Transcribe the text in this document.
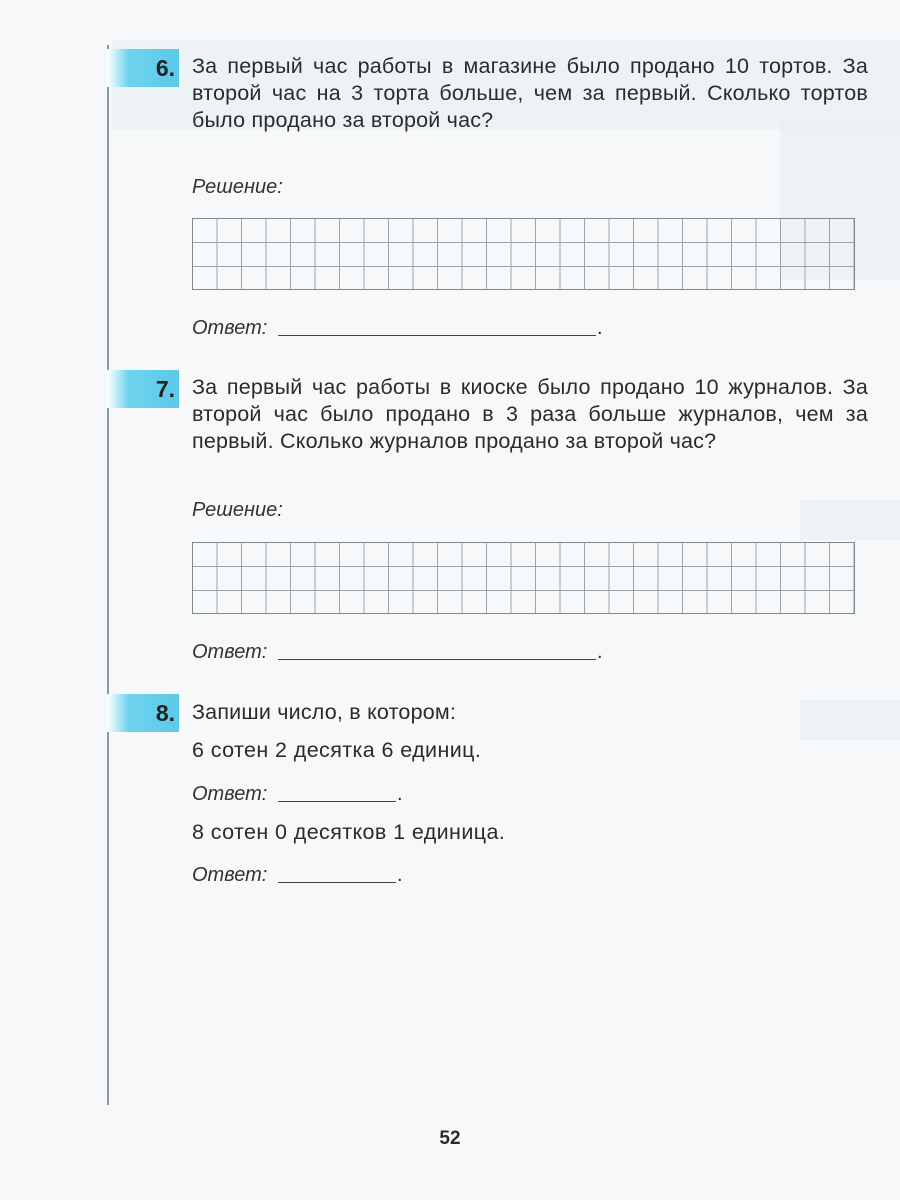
6. За первый час работы в магазине было продано 10 тортов. За второй час на 3 торта больше, чем за первый. Сколько тортов было продано за второй час?
Решение:
Ответ:	.
7. За первый час работы в киоске было продано 10 журналов. За второй час было продано в 3 раза больше журналов, чем за первый. Сколько журналов продано за второй час?
Решение:
Ответ:	.
8. Запиши число, в котором:
6 сотен 2 десятка 6 единиц.
Ответ:	.
8 сотен 0 десятков 1 единица.
Ответ:	.
52
